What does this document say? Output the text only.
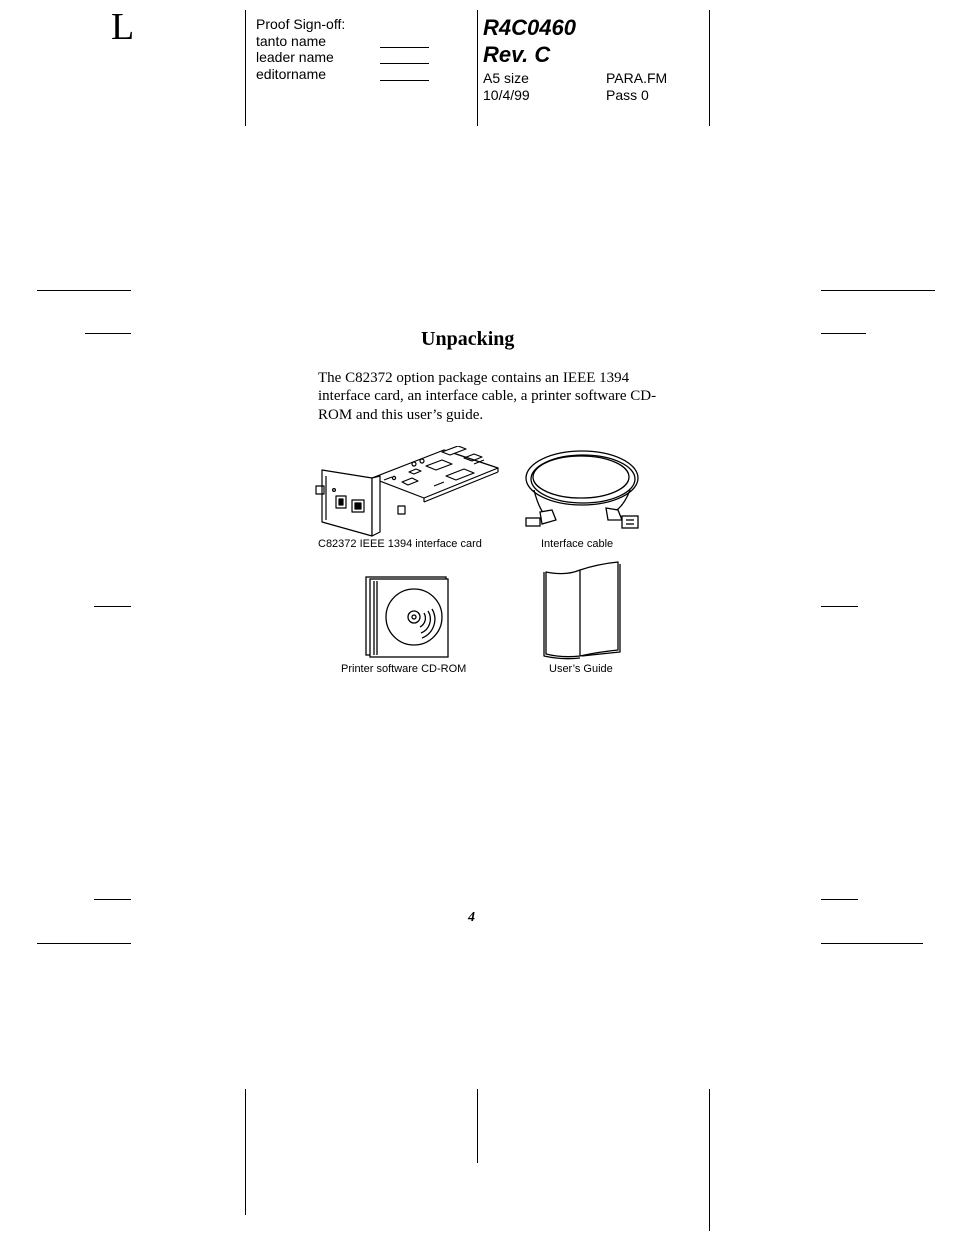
L	Proof Sign-off:
tanto name
leader name
editorname
R4C0460
Rev. C
A5 size	PARA.FM
10/4/99	Pass 0
Unpacking
The C82372 option package contains an IEEE 1394 interface card, an interface cable, a printer software CD-ROM and this user’s guide.
C82372 IEEE 1394 interface card	Interface cable
Printer software CD-ROM	User’s Guide
4
